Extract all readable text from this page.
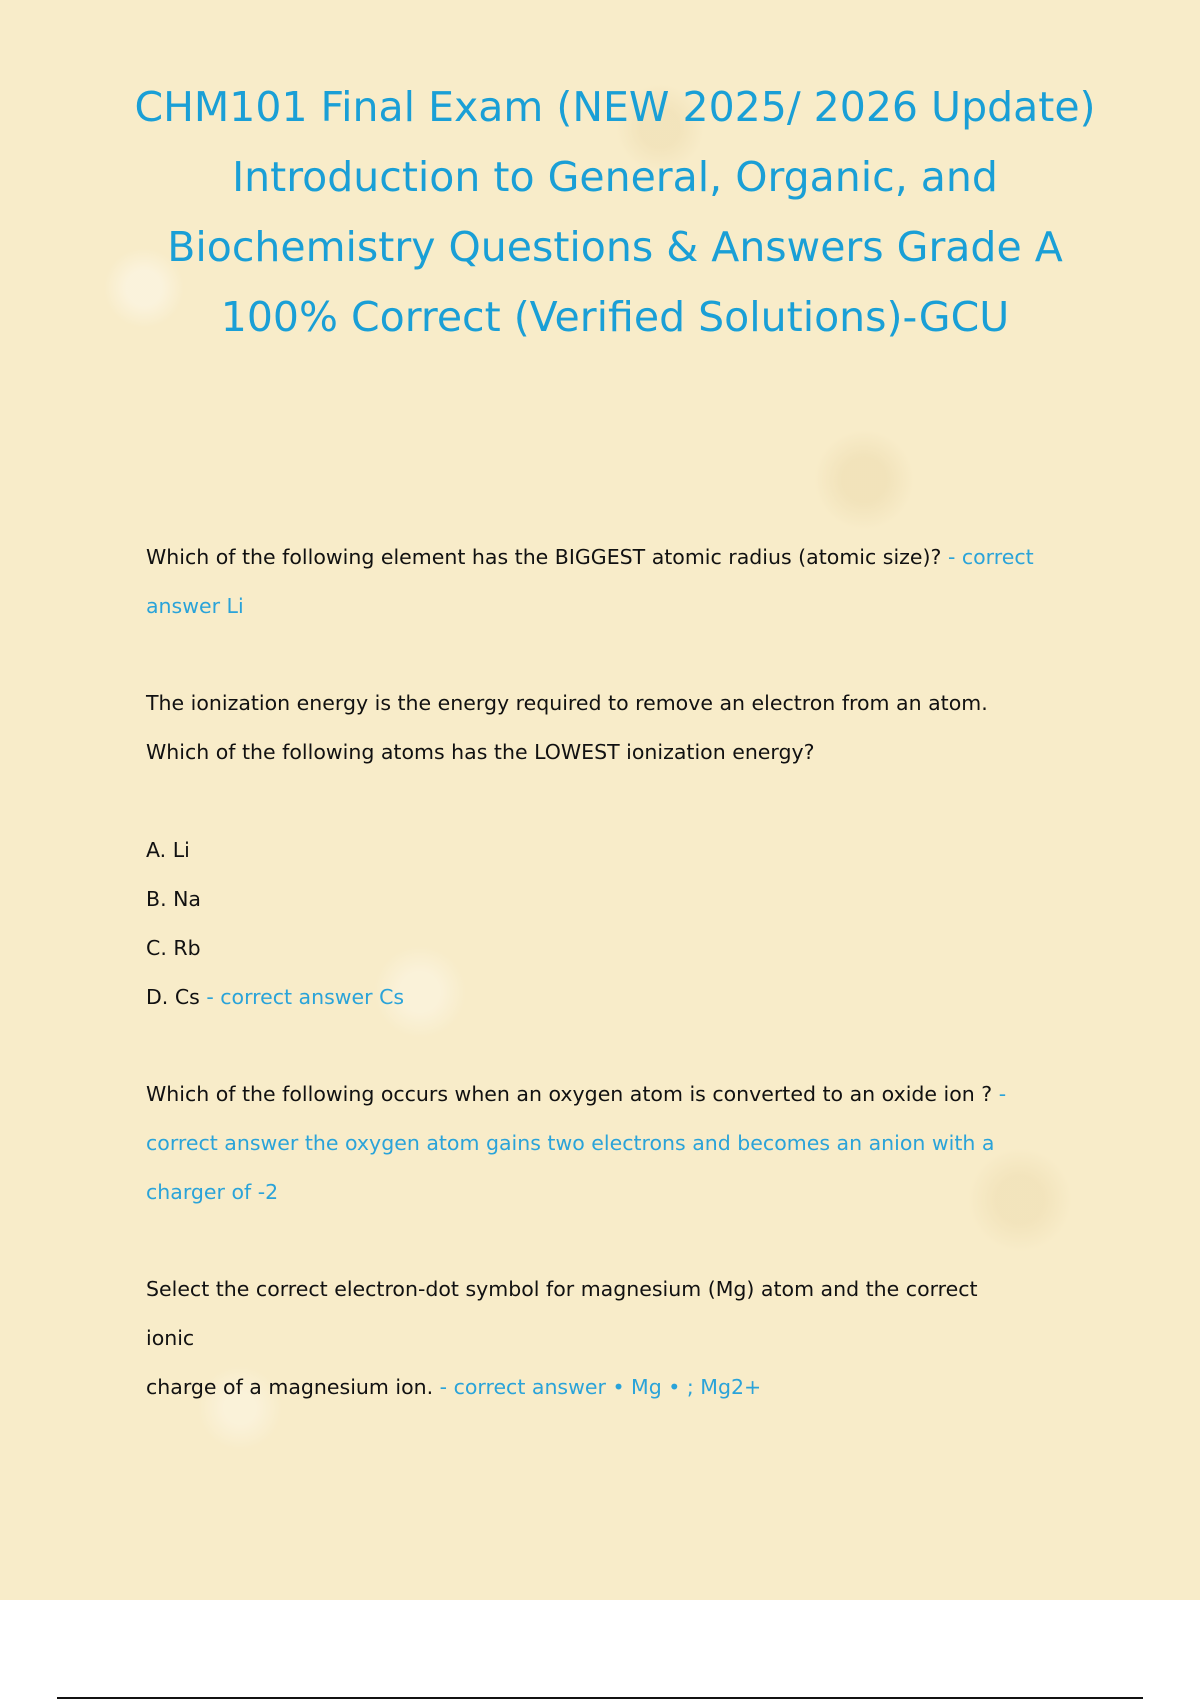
CHM101 Final Exam (NEW 2025/ 2026 Update) Introduction to General, Organic, and Biochemistry Questions & Answers Grade A 100% Correct (Verified Solutions)-GCU

Which of the following element has the BIGGEST atomic radius (atomic size)? - correct answer Li

The ionization energy is the energy required to remove an electron from an atom.

Which of the following atoms has the LOWEST ionization energy?

A. Li

B. Na

C. Rb

D. Cs - correct answer Cs

Which of the following occurs when an oxygen atom is converted to an oxide ion ? - correct answer the oxygen atom gains two electrons and becomes an anion with a charger of -2

Select the correct electron-dot symbol for magnesium (Mg) atom and the correct

ionic

charge of a magnesium ion. - correct answer • Mg • ; Mg2+
